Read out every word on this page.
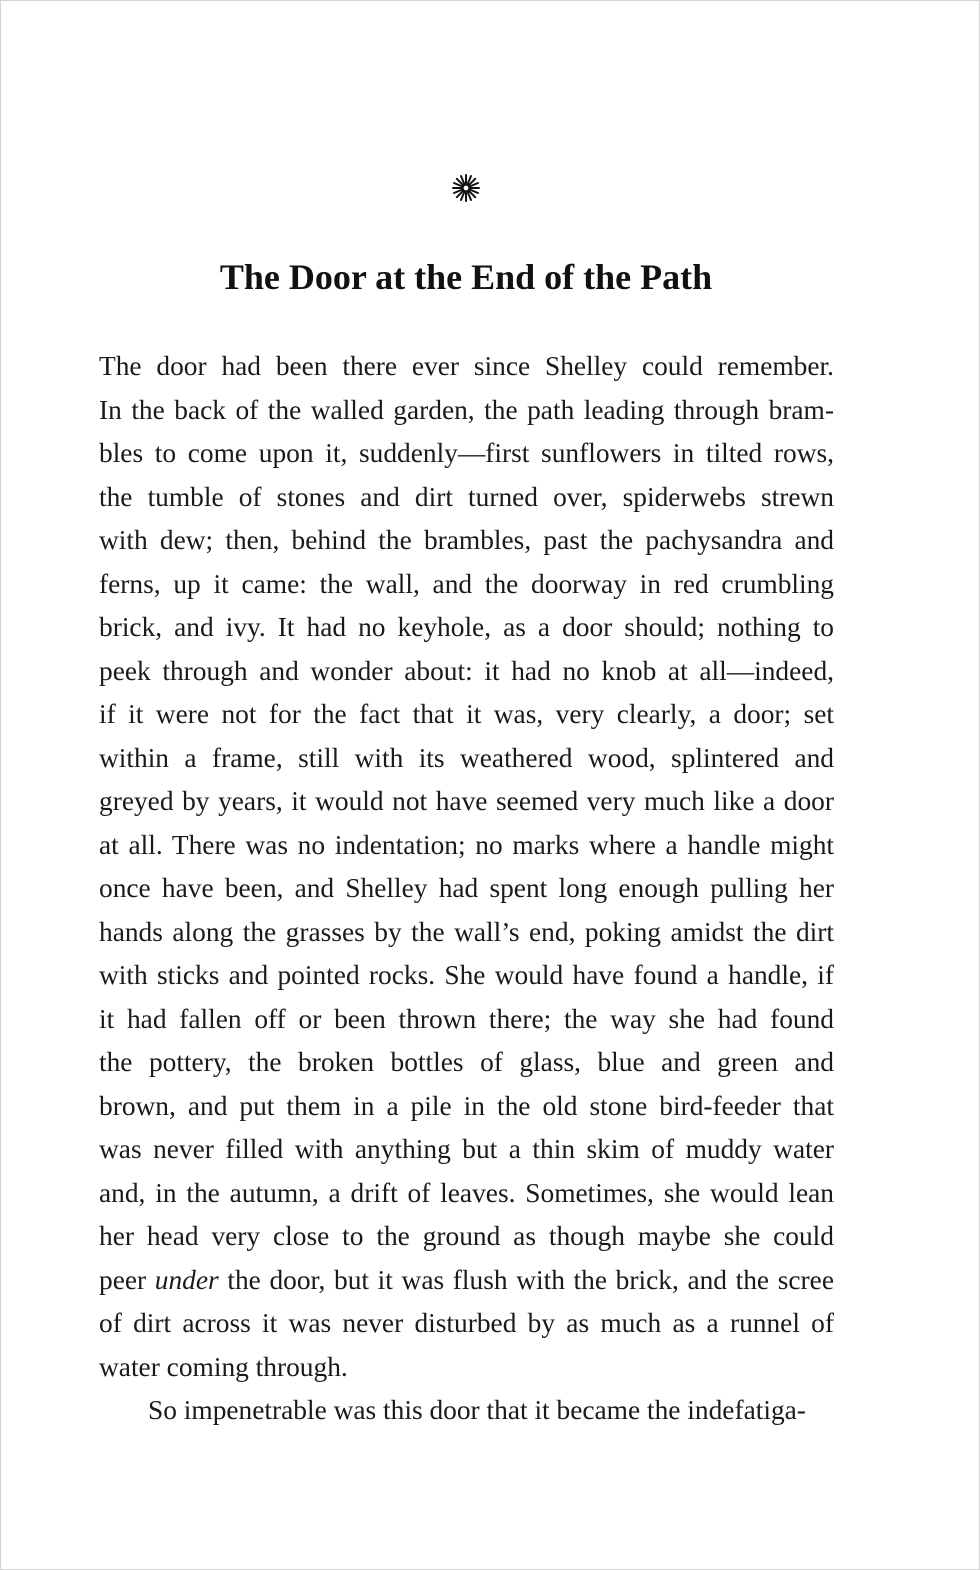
The Door at the End of the Path
The door had been there ever since Shelley could remember.
In the back of the walled garden, the path leading through bram-
bles to come upon it, suddenly—first sunflowers in tilted rows,
the tumble of stones and dirt turned over, spiderwebs strewn
with dew; then, behind the brambles, past the pachysandra and
ferns, up it came: the wall, and the doorway in red crumbling
brick, and ivy. It had no keyhole, as a door should; nothing to
peek through and wonder about: it had no knob at all—indeed,
if it were not for the fact that it was, very clearly, a door; set
within a frame, still with its weathered wood, splintered and
greyed by years, it would not have seemed very much like a door
at all. There was no indentation; no marks where a handle might
once have been, and Shelley had spent long enough pulling her
hands along the grasses by the wall’s end, poking amidst the dirt
with sticks and pointed rocks. She would have found a handle, if
it had fallen off or been thrown there; the way she had found
the pottery, the broken bottles of glass, blue and green and
brown, and put them in a pile in the old stone bird-feeder that
was never filled with anything but a thin skim of muddy water
and, in the autumn, a drift of leaves. Sometimes, she would lean
her head very close to the ground as though maybe she could
peer under the door, but it was flush with the brick, and the scree
of dirt across it was never disturbed by as much as a runnel of
water coming through.
So impenetrable was this door that it became the indefatiga-
